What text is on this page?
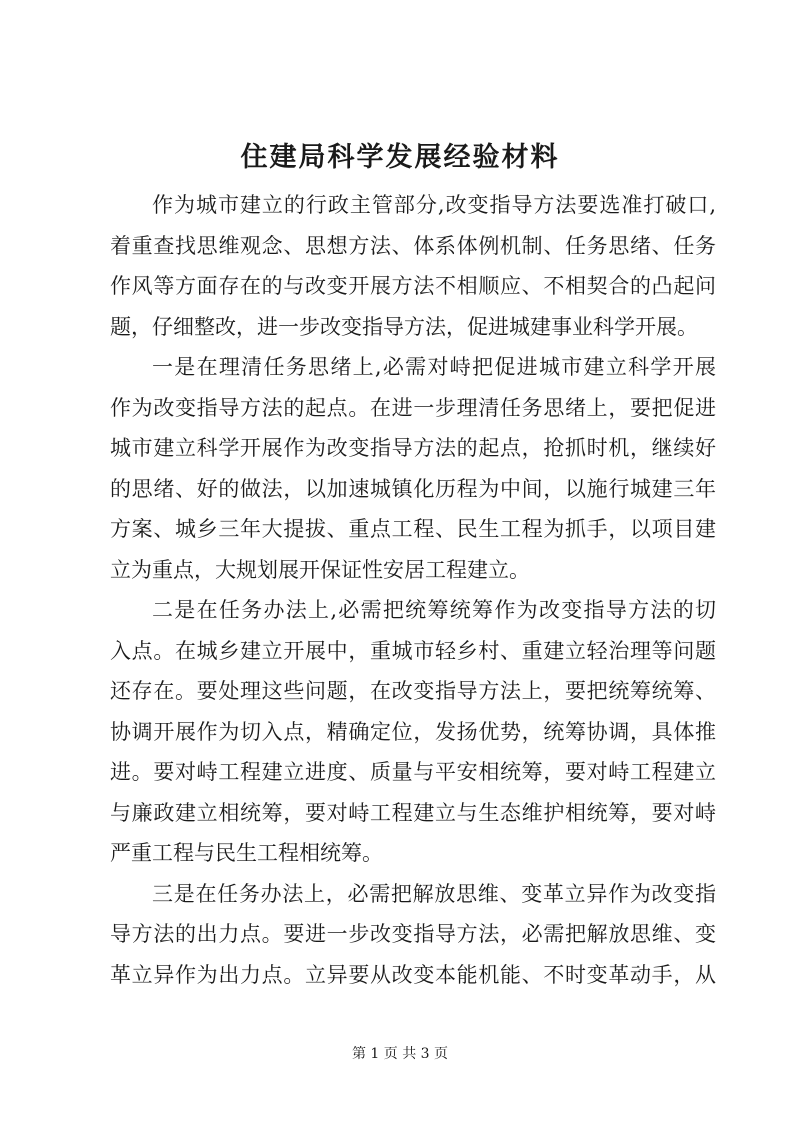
住建局科学发展经验材料
作为城市建立的行政主管部分,改变指导方法要选准打破口,
着重查找思维观念、思想方法、体系体例机制、任务思绪、任务
作风等方面存在的与改变开展方法不相顺应、不相契合的凸起问
题，仔细整改，进一步改变指导方法，促进城建事业科学开展。
一是在理清任务思绪上,必需对峙把促进城市建立科学开展
作为改变指导方法的起点。在进一步理清任务思绪上，要把促进
城市建立科学开展作为改变指导方法的起点，抢抓时机，继续好
的思绪、好的做法，以加速城镇化历程为中间，以施行城建三年
方案、城乡三年大提拔、重点工程、民生工程为抓手，以项目建
立为重点，大规划展开保证性安居工程建立。
二是在任务办法上,必需把统筹统筹作为改变指导方法的切
入点。在城乡建立开展中，重城市轻乡村、重建立轻治理等问题
还存在。要处理这些问题，在改变指导方法上，要把统筹统筹、
协调开展作为切入点，精确定位，发扬优势，统筹协调，具体推
进。要对峙工程建立进度、质量与平安相统筹，要对峙工程建立
与廉政建立相统筹，要对峙工程建立与生态维护相统筹，要对峙
严重工程与民生工程相统筹。
三是在任务办法上，必需把解放思维、变革立异作为改变指
导方法的出力点。要进一步改变指导方法，必需把解放思维、变
革立异作为出力点。立异要从改变本能机能、不时变革动手，从
第 1 页 共 3 页
